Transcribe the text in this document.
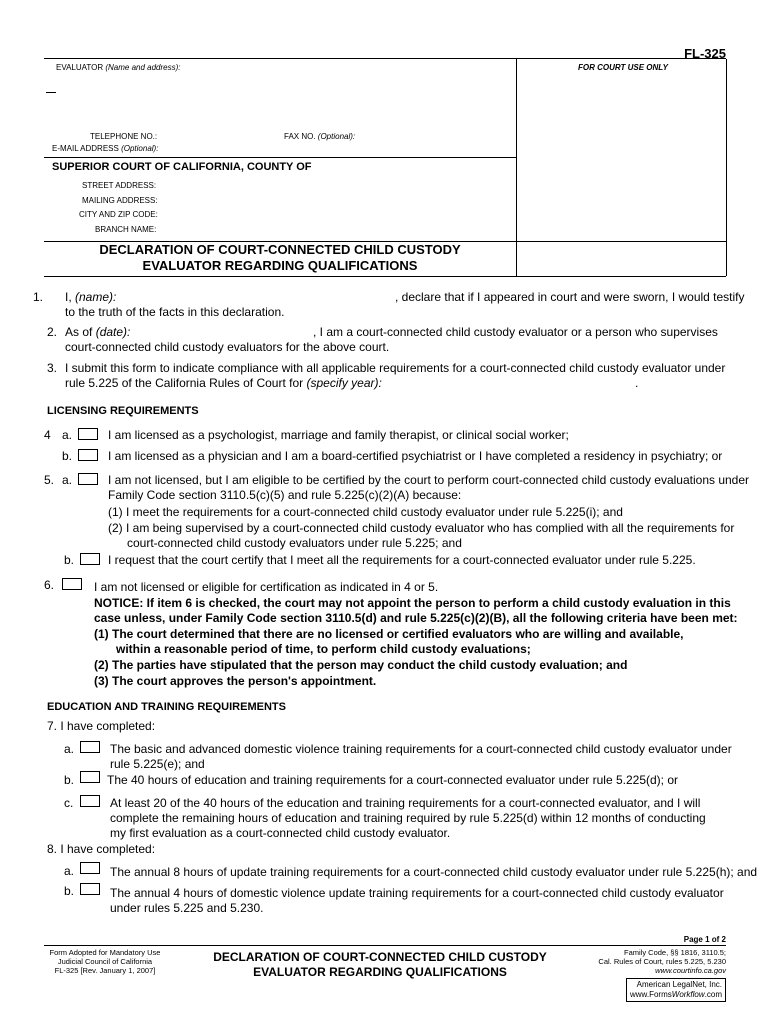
FL-325
EVALUATOR (Name and address):	FOR COURT USE ONLY
TELEPHONE NO.:	FAX NO. (Optional):
E-MAIL ADDRESS (Optional):
SUPERIOR COURT OF CALIFORNIA, COUNTY OF
STREET ADDRESS:
MAILING ADDRESS:
CITY AND ZIP CODE:
BRANCH NAME:
DECLARATION OF COURT-CONNECTED CHILD CUSTODY
EVALUATOR REGARDING QUALIFICATIONS
1. I, (name):	, declare that if I appeared in court and were sworn, I would testify
to the truth of the facts in this declaration.
2. As of (date):	, I am a court-connected child custody evaluator or a person who supervises
court-connected child custody evaluators for the above court.
3. I submit this form to indicate compliance with all applicable requirements for a court-connected child custody evaluator under
rule 5.225 of the California Rules of Court for (specify year):	.
LICENSING REQUIREMENTS
4 a.	I am licensed as a psychologist, marriage and family therapist, or clinical social worker;
b.	I am licensed as a physician and I am a board-certified psychiatrist or I have completed a residency in psychiatry; or
5. a.	I am not licensed, but I am eligible to be certified by the court to perform court-connected child custody evaluations under
Family Code section 3110.5(c)(5) and rule 5.225(c)(2)(A) because:
(1) I meet the requirements for a court-connected child custody evaluator under rule 5.225(i); and
(2) I am being supervised by a court-connected child custody evaluator who has complied with all the requirements for
court-connected child custody evaluators under rule 5.225; and
b.	I request that the court certify that I meet all the requirements for a court-connected evaluator under rule 5.225.
6.	I am not licensed or eligible for certification as indicated in 4 or 5.
NOTICE: If item 6 is checked, the court may not appoint the person to perform a child custody evaluation in this
case unless, under Family Code section 3110.5(d) and rule 5.225(c)(2)(B), all the following criteria have been met:
(1) The court determined that there are no licensed or certified evaluators who are willing and available,
within a reasonable period of time, to perform child custody evaluations;
(2) The parties have stipulated that the person may conduct the child custody evaluation; and
(3) The court approves the person's appointment.
EDUCATION AND TRAINING REQUIREMENTS
7. I have completed:
a.	The basic and advanced domestic violence training requirements for a court-connected child custody evaluator under
rule 5.225(e); and
b.	The 40 hours of education and training requirements for a court-connected evaluator under rule 5.225(d); or
c.	At least 20 of the 40 hours of the education and training requirements for a court-connected evaluator, and I will
complete the remaining hours of education and training required by rule 5.225(d) within 12 months of conducting
my first evaluation as a court-connected child custody evaluator.
8. I have completed:
a.	The annual 8 hours of update training requirements for a court-connected child custody evaluator under rule 5.225(h); and
b.	The annual 4 hours of domestic violence update training requirements for a court-connected child custody evaluator
under rules 5.225 and 5.230.
Page 1 of 2
Form Adopted for Mandatory Use
Judicial Council of California
FL-325 [Rev. January 1, 2007]
DECLARATION OF COURT-CONNECTED CHILD CUSTODY
EVALUATOR REGARDING QUALIFICATIONS
Family Code, §§ 1816, 3110.5;
Cal. Rules of Court, rules 5.225, 5.230
www.courtinfo.ca.gov
American LegalNet, Inc.
www.FormsWorkflow.com
